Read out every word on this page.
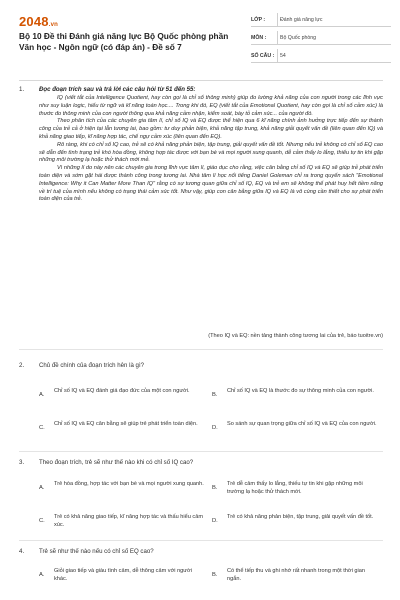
2048.vn
Bộ 10 Đề thi Đánh giá năng lực Bộ Quốc phòng phần Văn học - Ngôn ngữ (có đáp án) - Đề số 7
LỚP :	Đánh giá năng lực
MÔN :	Bộ Quốc phòng
SỐ CÂU :	54
1. Đọc đoạn trích sau và trả lời các câu hỏi từ 51 đến 55:

IQ (viết tắt của Intelligence Quotient, hay còn gọi là chỉ số thông minh) giúp đo lường khả năng của con người trong các lĩnh vực như suy luận logic, hiểu từ ngữ và kĩ năng toán học.... Trong khi đó, EQ (viết tắt của Emotional Quotient, hay còn gọi là chỉ số cảm xúc) là thước đo thông minh của con người thông qua khả năng cảm nhận, kiểm soát, bày tỏ cảm xúc... của người đó.

Theo phân tích của các chuyên gia tâm lí, chỉ số IQ và EQ được thể hiện qua 6 kĩ năng chính ảnh hưởng trực tiếp đến sự thành công của trẻ cả ở hiện tại lẫn tương lai, bao gồm: tư duy phản biện, khả năng tập trung, khả năng giải quyết vấn đề (liên quan đến IQ) và khả năng giao tiếp, kĩ năng hợp tác, chế ngự cảm xúc (liên quan đến EQ).

Rõ ràng, khi có chỉ số IQ cao, trẻ sẽ có khả năng phản biện, tập trung, giải quyết vấn đề tốt. Nhưng nếu trẻ không có chỉ số EQ cao sẽ dẫn đến tình trạng trẻ khó hòa đồng, không hợp tác được với bạn bè và mọi người xung quanh, dễ cảm thấy lo lắng, thiếu tự tin khi gặp những môi trường lạ hoặc thử thách mới mẻ.

Vì những lí do này nên các chuyên gia trong lĩnh vực tâm lí, giáo dục cho rằng, việc cân bằng chỉ số IQ và EQ sẽ giúp trẻ phát triển toàn diện và sớm gặt hái được thành công trong tương lai. Nhà tâm lí học nổi tiếng Daniel Goleman chỉ ra trong quyển sách "Emotional Intelligence: Why it Can Matter More Than IQ" rằng có sự tương quan giữa chỉ số IQ, EQ và trẻ em sẽ không thể phát huy hết tiềm năng về trí tuệ của mình nếu không có trạng thái cảm xúc tốt. Như vậy, giúp con cân bằng giữa IQ và EQ là vô cùng cần thiết cho sự phát triển toàn diện của trẻ.

(Theo IQ và EQ: nền tảng thành công tương lai của trẻ, báo tuoitre.vn)
2. Chủ đề chính của đoạn trích hên là gì?
A.
Chỉ số IQ và EQ đánh giá đạo đức của một con người.
B.
Chỉ số IQ và EQ là thước đo sự thông minh của con người.
C.
Chỉ số IQ và EQ cân bằng sẽ giúp trẻ phát triển toàn diện.
D.
So sánh sự quan trọng giữa chỉ số IQ và EQ của con người.
3. Theo đoạn trích, trẻ sẽ như thế nào khi có chỉ số IQ cao?
A.
Trẻ hòa đồng, hợp tác với bạn bè và mọi người xung quanh.
B.
Trẻ dễ cảm thấy lo lắng, thiếu tự tin khi gặp những môi trường lạ hoặc thử thách mới.
C.
Trẻ có khả năng giao tiếp, kĩ năng hợp tác và thấu hiểu cảm xúc.
D.
Trẻ có khả năng phản biện, tập trung, giải quyết vấn đề tốt.
4. Trẻ sẽ như thế nào nếu có chỉ số EQ cao?
A.
Giỏi giao tiếp và giàu tình cảm, dễ thông cảm với người khác.
B.
Có thể tiếp thu và ghi nhớ rất nhanh trong một thời gian ngắn.
